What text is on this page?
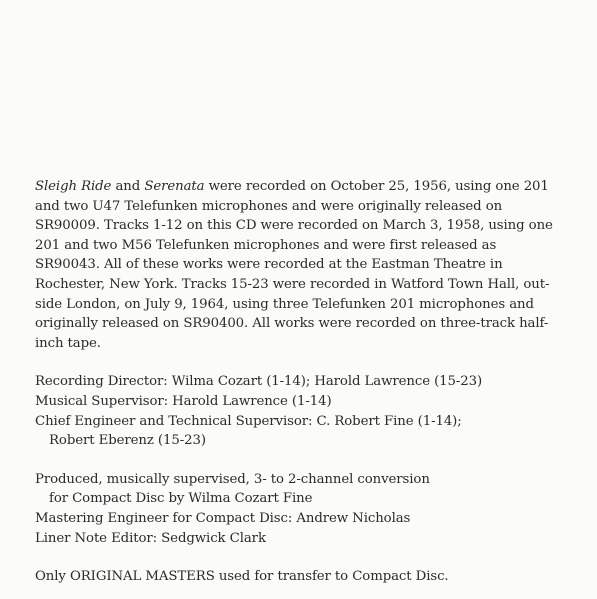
Sleigh Ride and Serenata were recorded on October 25, 1956, using one 201
and two U47 Telefunken microphones and were originally released on
SR90009. Tracks 1-12 on this CD were recorded on March 3, 1958, using one
201 and two M56 Telefunken microphones and were first released as
SR90043. All of these works were recorded at the Eastman Theatre in
Rochester, New York. Tracks 15-23 were recorded in Watford Town Hall, out-
side London, on July 9, 1964, using three Telefunken 201 microphones and
originally released on SR90400. All works were recorded on three-track half-
inch tape.
Recording Director: Wilma Cozart (1-14); Harold Lawrence (15-23)
Musical Supervisor: Harold Lawrence (1-14)
Chief Engineer and Technical Supervisor: C. Robert Fine (1-14);
Robert Eberenz (15-23)
Produced, musically supervised, 3- to 2-channel conversion
for Compact Disc by Wilma Cozart Fine
Mastering Engineer for Compact Disc: Andrew Nicholas
Liner Note Editor: Sedgwick Clark
Only ORIGINAL MASTERS used for transfer to Compact Disc.
